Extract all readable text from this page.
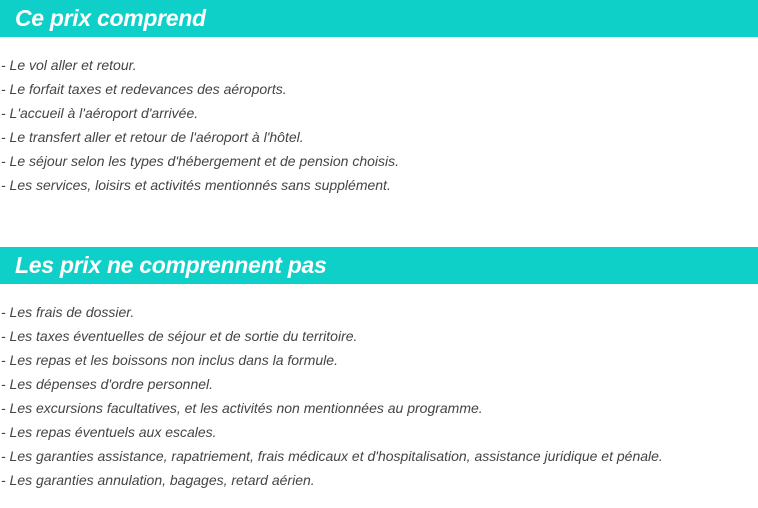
Ce prix comprend
- Le vol aller et retour.
- Le forfait taxes et redevances des aéroports.
- L'accueil à l'aéroport d'arrivée.
- Le transfert aller et retour de l'aéroport à l'hôtel.
- Le séjour selon les types d'hébergement et de pension choisis.
- Les services, loisirs et activités mentionnés sans supplément.
Les prix ne comprennent pas
- Les frais de dossier.
- Les taxes éventuelles de séjour et de sortie du territoire.
- Les repas et les boissons non inclus dans la formule.
- Les dépenses d'ordre personnel.
- Les excursions facultatives, et les activités non mentionnées au programme.
- Les repas éventuels aux escales.
- Les garanties assistance, rapatriement, frais médicaux et d'hospitalisation, assistance juridique et pénale.
- Les garanties annulation, bagages, retard aérien.
